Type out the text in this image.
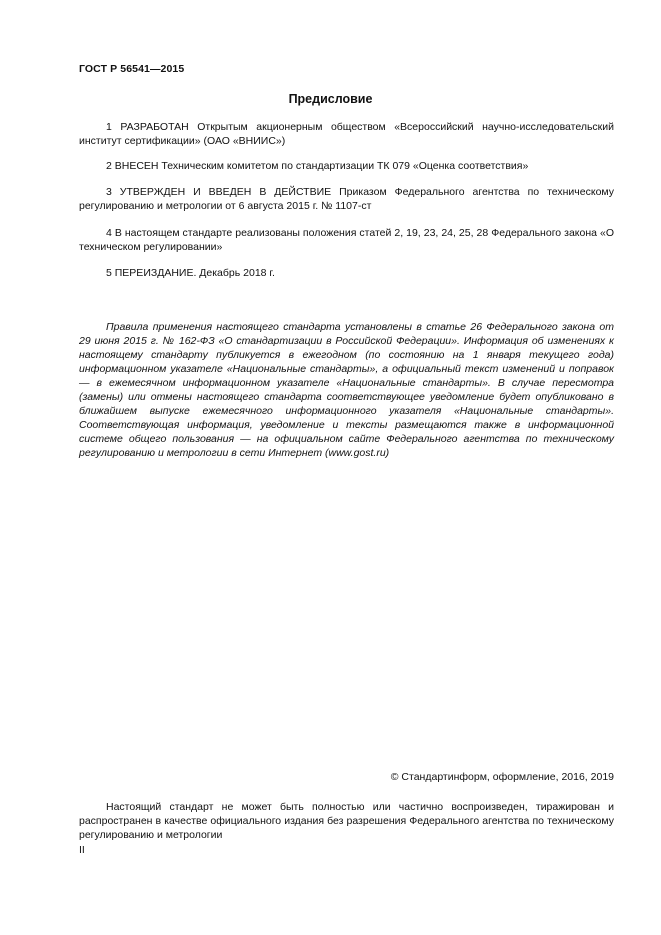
ГОСТ Р 56541—2015
Предисловие
1 РАЗРАБОТАН Открытым акционерным обществом «Всероссийский научно-исследовательский институт сертификации» (ОАО «ВНИИС»)
2 ВНЕСЕН Техническим комитетом по стандартизации ТК 079 «Оценка соответствия»
3 УТВЕРЖДЕН И ВВЕДЕН В ДЕЙСТВИЕ Приказом Федерального агентства по техническому регулированию и метрологии от 6 августа 2015 г. № 1107-ст
4 В настоящем стандарте реализованы положения статей 2, 19, 23, 24, 25, 28 Федерального закона «О техническом регулировании»
5 ПЕРЕИЗДАНИЕ. Декабрь 2018 г.
Правила применения настоящего стандарта установлены в статье 26 Федерального закона от 29 июня 2015 г. № 162-ФЗ «О стандартизации в Российской Федерации». Информация об изменениях к настоящему стандарту публикуется в ежегодном (по состоянию на 1 января текущего года) информационном указателе «Национальные стандарты», а официальный текст изменений и поправок — в ежемесячном информационном указателе «Национальные стандарты». В случае пересмотра (замены) или отмены настоящего стандарта соответствующее уведомление будет опубликовано в ближайшем выпуске ежемесячного информационного указателя «Национальные стандарты». Соответствующая информация, уведомление и тексты размещаются также в информационной системе общего пользования — на официальном сайте Федерального агентства по техническому регулированию и метрологии в сети Интернет (www.gost.ru)
© Стандартинформ, оформление, 2016, 2019
Настоящий стандарт не может быть полностью или частично воспроизведен, тиражирован и распространен в качестве официального издания без разрешения Федерального агентства по техническому регулированию и метрологии
II
